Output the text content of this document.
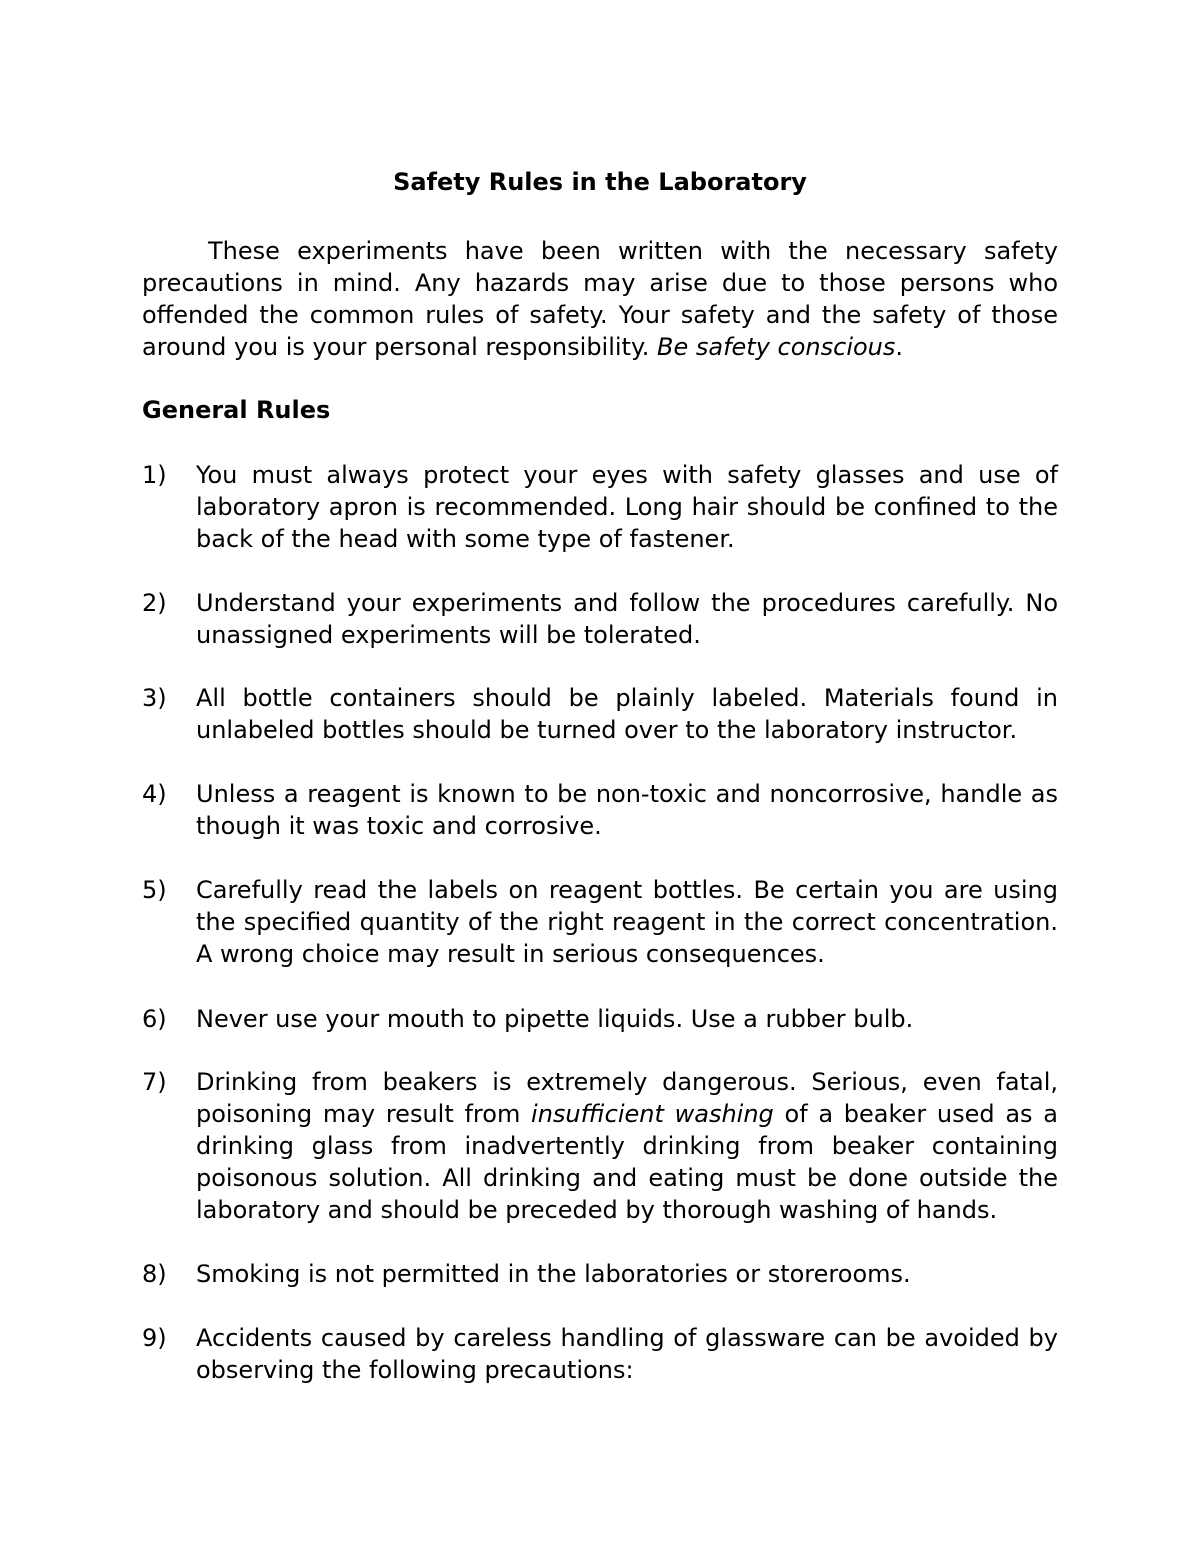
Safety Rules in the Laboratory

These experiments have been written with the necessary safety precautions in mind. Any hazards may arise due to those persons who offended the common rules of safety. Your safety and the safety of those around you is your personal responsibility. Be safety conscious.

General Rules
1) You must always protect your eyes with safety glasses and use of laboratory apron is recommended. Long hair should be confined to the back of the head with some type of fastener.
2) Understand your experiments and follow the procedures carefully. No unassigned experiments will be tolerated.
3) All bottle containers should be plainly labeled. Materials found in unlabeled bottles should be turned over to the laboratory instructor.
4) Unless a reagent is known to be non-toxic and noncorrosive, handle as though it was toxic and corrosive.
5) Carefully read the labels on reagent bottles. Be certain you are using the specified quantity of the right reagent in the correct concentration. A wrong choice may result in serious consequences.
6) Never use your mouth to pipette liquids. Use a rubber bulb.
7) Drinking from beakers is extremely dangerous. Serious, even fatal, poisoning may result from insufficient washing of a beaker used as a drinking glass from inadvertently drinking from beaker containing poisonous solution. All drinking and eating must be done outside the laboratory and should be preceded by thorough washing of hands.
8) Smoking is not permitted in the laboratories or storerooms.
9) Accidents caused by careless handling of glassware can be avoided by observing the following precautions:
